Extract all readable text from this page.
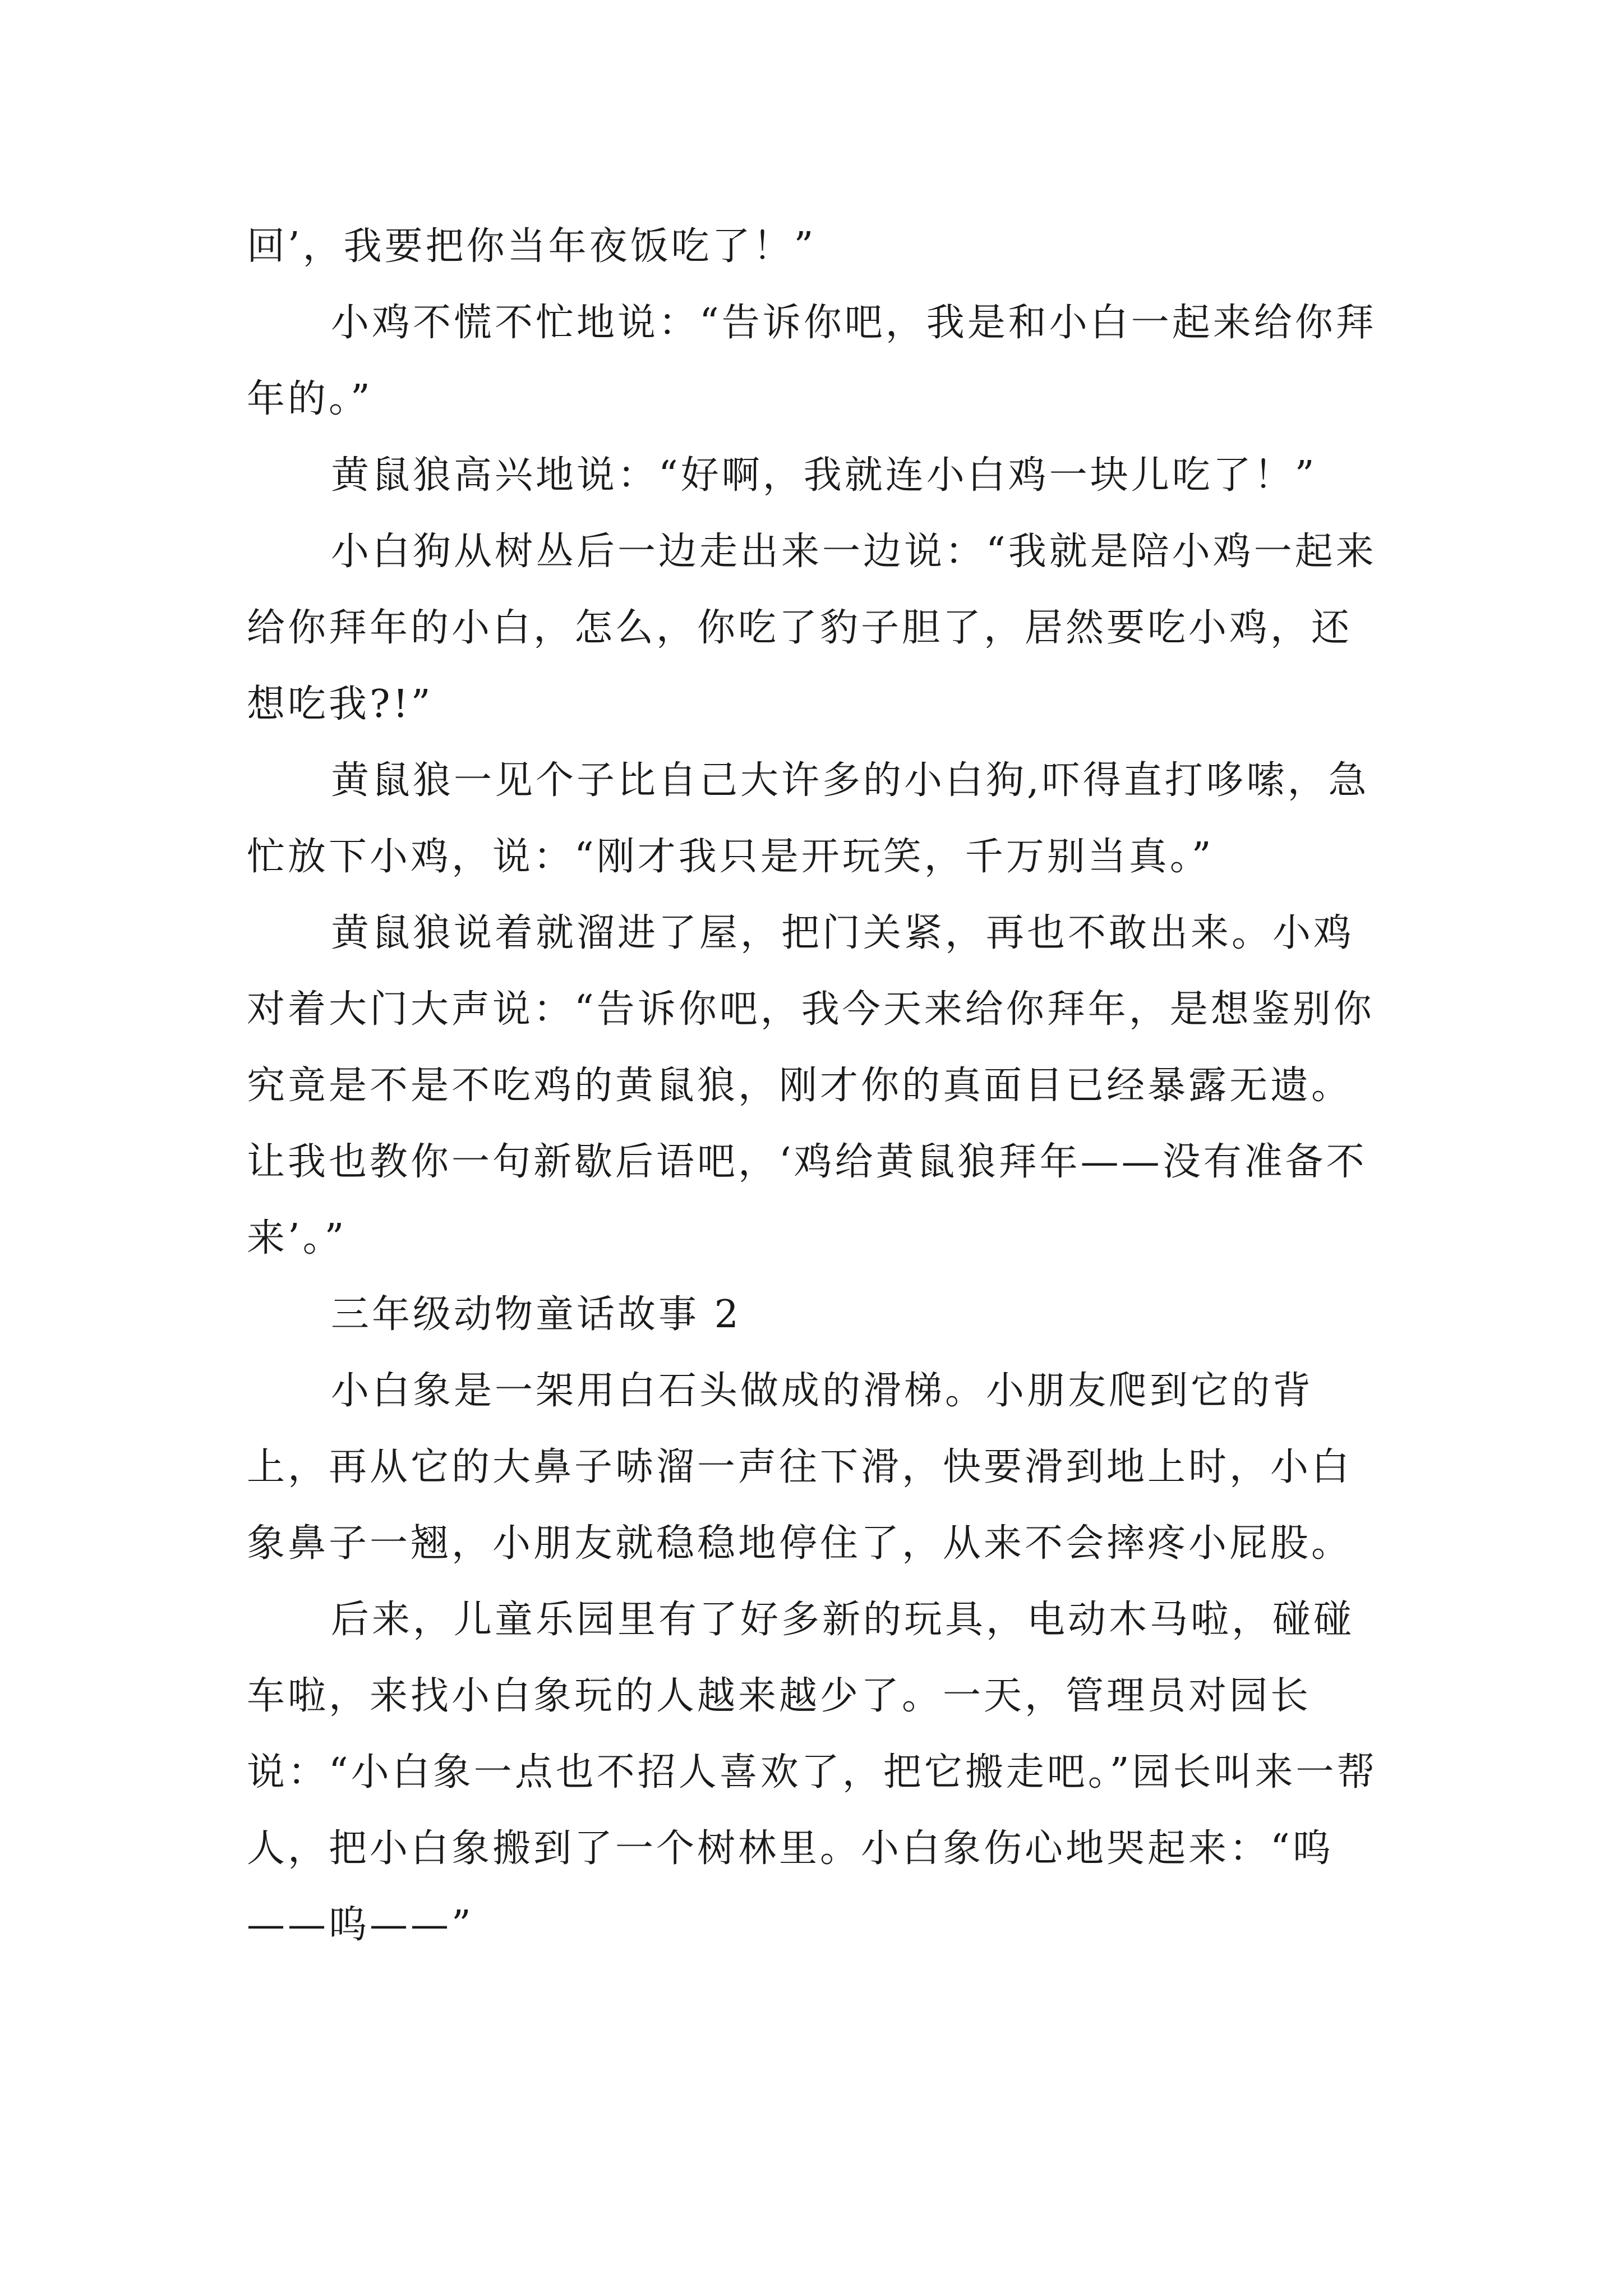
回’，我要把你当年夜饭吃了！”

小鸡不慌不忙地说：“告诉你吧，我是和小白一起来给你拜年的。”

黄鼠狼高兴地说：“好啊，我就连小白鸡一块儿吃了！”

小白狗从树丛后一边走出来一边说：“我就是陪小鸡一起来给你拜年的小白，怎么，你吃了豹子胆了，居然要吃小鸡，还想吃我?!”

黄鼠狼一见个子比自己大许多的小白狗,吓得直打哆嗦，急忙放下小鸡，说：“刚才我只是开玩笑，千万别当真。”

黄鼠狼说着就溜进了屋，把门关紧，再也不敢出来。小鸡对着大门大声说：“告诉你吧，我今天来给你拜年，是想鉴别你究竟是不是不吃鸡的黄鼠狼，刚才你的真面目已经暴露无遗。让我也教你一句新歇后语吧，‘鸡给黄鼠狼拜年——没有准备不来’。”

三年级动物童话故事 2

小白象是一架用白石头做成的滑梯。小朋友爬到它的背上，再从它的大鼻子哧溜一声往下滑，快要滑到地上时，小白象鼻子一翘，小朋友就稳稳地停住了，从来不会摔疼小屁股。

后来，儿童乐园里有了好多新的玩具，电动木马啦，碰碰车啦，来找小白象玩的人越来越少了。一天，管理员对园长说：“小白象一点也不招人喜欢了，把它搬走吧。”园长叫来一帮人，把小白象搬到了一个树林里。小白象伤心地哭起来：“呜——呜——”
